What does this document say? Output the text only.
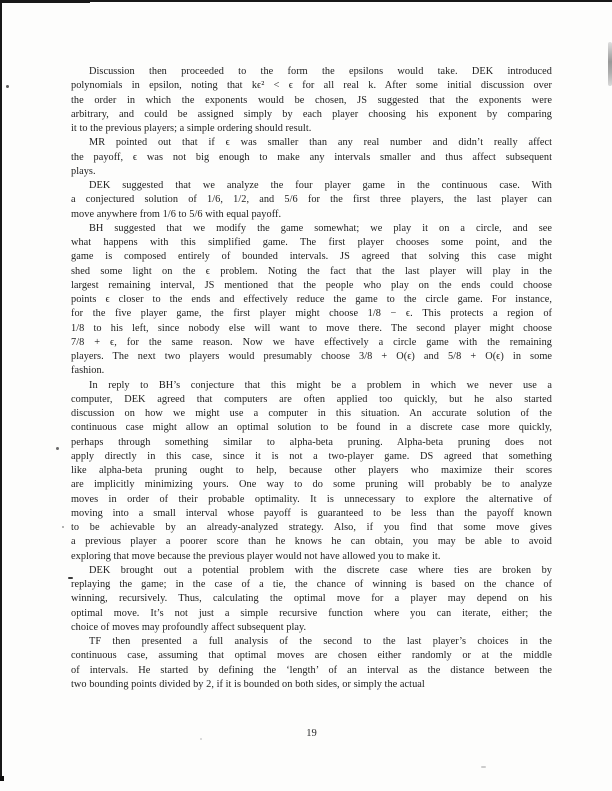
Discussion then proceeded to the form the epsilons would take. DEK introduced
polynomials in epsilon, noting that kϵ² < ϵ for all real k. After some initial discussion over
the order in which the exponents would be chosen, JS suggested that the exponents were
arbitrary, and could be assigned simply by each player choosing his exponent by comparing
it to the previous players; a simple ordering should result.
MR pointed out that if ϵ was smaller than any real number and didn’t really affect
the payoff, ϵ was not big enough to make any intervals smaller and thus affect subsequent
plays.
DEK suggested that we analyze the four player game in the continuous case. With
a conjectured solution of 1/6, 1/2, and 5/6 for the first three players, the last player can
move anywhere from 1/6 to 5/6 with equal payoff.
BH suggested that we modify the game somewhat; we play it on a circle, and see
what happens with this simplified game. The first player chooses some point, and the
game is composed entirely of bounded intervals. JS agreed that solving this case might
shed some light on the ϵ problem. Noting the fact that the last player will play in the
largest remaining interval, JS mentioned that the people who play on the ends could choose
points ϵ closer to the ends and effectively reduce the game to the circle game. For instance,
for the five player game, the first player might choose 1/8 − ϵ. This protects a region of
1/8 to his left, since nobody else will want to move there. The second player might choose
7/8 + ϵ, for the same reason. Now we have effectively a circle game with the remaining
players. The next two players would presumably choose 3/8 + O(ϵ) and 5/8 + O(ϵ) in some
fashion.
In reply to BH’s conjecture that this might be a problem in which we never use a
computer, DEK agreed that computers are often applied too quickly, but he also started
discussion on how we might use a computer in this situation. An accurate solution of the
continuous case might allow an optimal solution to be found in a discrete case more quickly,
perhaps through something similar to alpha-beta pruning. Alpha-beta pruning does not
apply directly in this case, since it is not a two-player game. DS agreed that something
like alpha-beta pruning ought to help, because other players who maximize their scores
are implicitly minimizing yours. One way to do some pruning will probably be to analyze
moves in order of their probable optimality. It is unnecessary to explore the alternative of
moving into a small interval whose payoff is guaranteed to be less than the payoff known
to be achievable by an already-analyzed strategy. Also, if you find that some move gives
a previous player a poorer score than he knows he can obtain, you may be able to avoid
exploring that move because the previous player would not have allowed you to make it.
DEK brought out a potential problem with the discrete case where ties are broken by
replaying the game; in the case of a tie, the chance of winning is based on the chance of
winning, recursively. Thus, calculating the optimal move for a player may depend on his
optimal move. It’s not just a simple recursive function where you can iterate, either; the
choice of moves may profoundly affect subsequent play.
TF then presented a full analysis of the second to the last player’s choices in the
continuous case, assuming that optimal moves are chosen either randomly or at the middle
of intervals. He started by defining the ‘length’ of an interval as the distance between the
two bounding points divided by 2, if it is bounded on both sides, or simply the actual
19
